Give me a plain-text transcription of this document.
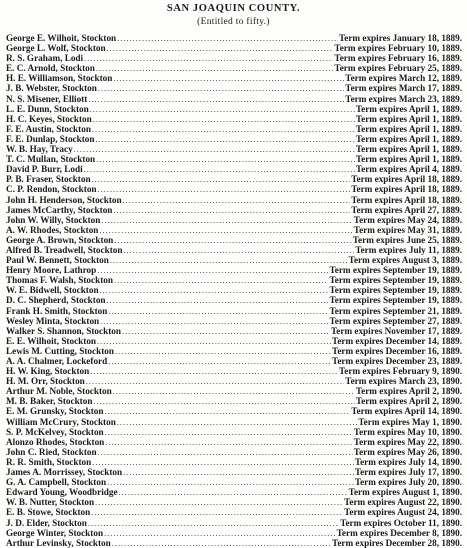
SAN JOAQUIN COUNTY.
(Entitled to fifty.)
George E. Wilhoit, Stockton .....	Term expires January 18, 1889.
George L. Wolf, Stockton .....	Term expires February 10, 1889.
R. S. Graham, Lodi .....	Term expires February 16, 1889.
E. C. Arnold, Stockton .....	Term expires February 25, 1889.
H. E. Williamson, Stockton .....	Term expires March 12, 1889.
J. B. Webster, Stockton .....	Term expires March 17, 1889.
N. S. Misener, Elliott .....	Term expires March 23, 1889.
L. E. Dunn, Stockton .....	Term expires April 1, 1889.
H. C. Keyes, Stockton .....	Term expires April 1, 1889.
F. E. Austin, Stockton .....	Term expires April 1, 1889.
F. E. Dunlap, Stockton .....	Term expires April 1, 1889.
W. B. Hay, Tracy .....	Term expires April 1, 1889.
T. C. Mullan, Stockton .....	Term expires April 1, 1889.
David P. Burr, Lodi .....	Term expires April 4, 1889.
P. B. Fraser, Stockton .....	Term expires April 18, 1889.
C. P. Rendon, Stockton .....	Term expires April 18, 1889.
John H. Henderson, Stockton .....	Term expires April 18, 1889.
James McCarthy, Stockton .....	Term expires April 27, 1889.
John W. Willy, Stockton .....	Term expires May 24, 1889.
A. W. Rhodes, Stockton .....	Term expires May 31, 1889.
George A. Brown, Stockton .....	Term expires June 25, 1889.
Alfred B. Treadwell, Stockton .....	Term expires July 11, 1889.
Paul W. Bennett, Stockton .....	Term expires August 3, 1889.
Henry Moore, Lathrop .....	Term expires September 19, 1889.
Thomas F. Walsh, Stockton .....	Term expires September 19, 1889.
W. E. Bidwell, Stockton .....	Term expires September 19, 1889.
D. C. Shepherd, Stockton .....	Term expires September 19, 1889.
Frank H. Smith, Stockton .....	Term expires September 21, 1889.
Wesley Minta, Stockton .....	Term expires September 27, 1889.
Walker S. Shannon, Stockton .....	Term expires November 17, 1889.
E. E. Wilhoit, Stockton .....	Term expires December 14, 1889.
Lewis M. Cutting, Stockton .....	Term expires December 16, 1889.
A. A. Chalmer, Lockeford .....	Term expires December 23, 1889.
H. W. King, Stockton .....	Term expires February 9, 1890.
H. M. Orr, Stockton .....	Term expires March 23, 1890.
Arthur M. Noble, Stockton .....	Term expires April 2, 1890.
M. B. Baker, Stockton .....	Term expires April 2, 1890.
E. M. Grunsky, Stockton .....	Term expires April 14, 1890.
William McCrury, Stockton .....	Term expires May 1, 1890.
S. P. McKelvey, Stockton .....	Term expires May 10, 1890.
Alonzo Rhodes, Stockton .....	Term expires May 22, 1890.
John C. Ried, Stockton .....	Term expires May 26, 1890.
R. R. Smith, Stockton .....	Term expires July 14, 1890.
James A. Morrissey, Stockton .....	Term expires July 17, 1890.
G. A. Campbell, Stockton .....	Term expires July 20, 1890.
Edward Young, Woodbridge .....	Term expires August 1, 1890.
W. B. Nutter, Stockton .....	Term expires August 22, 1890.
E. B. Stowe, Stockton .....	Term expires August 24, 1890.
J. D. Elder, Stockton .....	Term expires October 11, 1890.
George Winter, Stockton .....	Term expires December 8, 1890.
Arthur Levinsky, Stockton .....	Term expires December 28, 1890.
